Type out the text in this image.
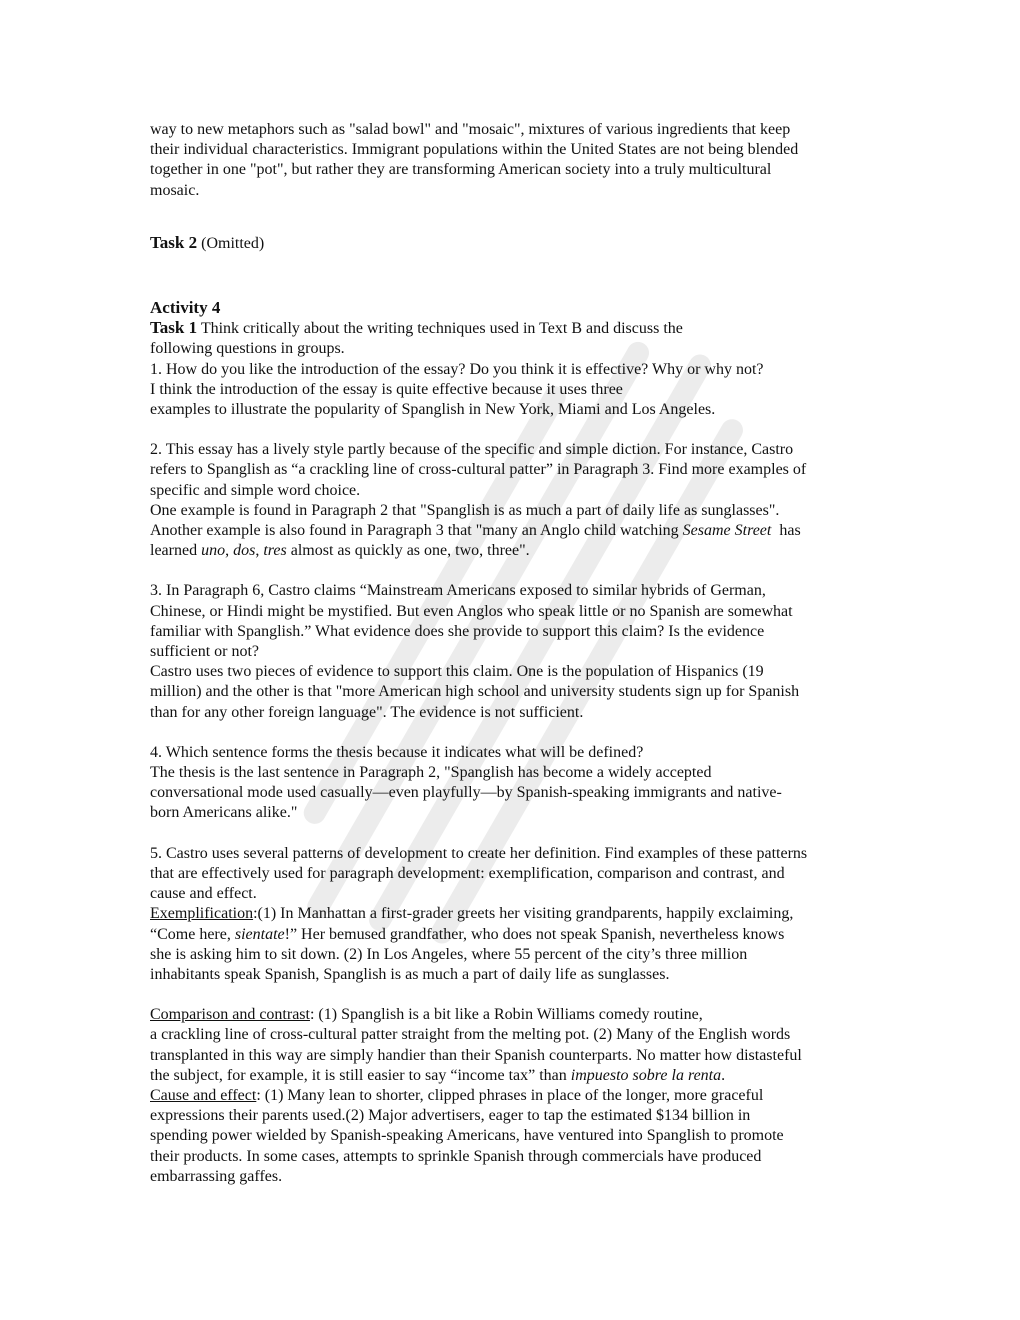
way to new metaphors such as "salad bowl" and "mosaic", mixtures of various ingredients that keep

their individual characteristics. Immigrant populations within the United States are not being blended

together in one "pot", but rather they are transforming American society into a truly multicultural

mosaic.

Task 2 (Omitted)

Activity 4

Task 1 Think critically about the writing techniques used in Text B and discuss the

following questions in groups.

1. How do you like the introduction of the essay? Do you think it is effective? Why or why not?

I think the introduction of the essay is quite effective because it uses three

examples to illustrate the popularity of Spanglish in New York, Miami and Los Angeles.

2. This essay has a lively style partly because of the specific and simple diction. For instance, Castro

refers to Spanglish as “a crackling line of cross-cultural patter” in Paragraph 3. Find more examples of

specific and simple word choice.

One example is found in Paragraph 2 that "Spanglish is as much a part of daily life as sunglasses".

Another example is also found in Paragraph 3 that "many an Anglo child watching Sesame Street  has

learned uno, dos, tres almost as quickly as one, two, three".

3. In Paragraph 6, Castro claims “Mainstream Americans exposed to similar hybrids of German,

Chinese, or Hindi might be mystified. But even Anglos who speak little or no Spanish are somewhat

familiar with Spanglish.” What evidence does she provide to support this claim? Is the evidence

sufficient or not?

Castro uses two pieces of evidence to support this claim. One is the population of Hispanics (19

million) and the other is that "more American high school and university students sign up for Spanish

than for any other foreign language". The evidence is not sufficient.

4. Which sentence forms the thesis because it indicates what will be defined?

The thesis is the last sentence in Paragraph 2, "Spanglish has become a widely accepted

conversational mode used casually—even playfully—by Spanish-speaking immigrants and native-

born Americans alike."

5. Castro uses several patterns of development to create her definition. Find examples of these patterns

that are effectively used for paragraph development: exemplification, comparison and contrast, and

cause and effect.

Exemplification:(1) In Manhattan a first-grader greets her visiting grandparents, happily exclaiming,

“Come here, sientate!” Her bemused grandfather, who does not speak Spanish, nevertheless knows

she is asking him to sit down. (2) In Los Angeles, where 55 percent of the city’s three million

inhabitants speak Spanish, Spanglish is as much a part of daily life as sunglasses.

Comparison and contrast: (1) Spanglish is a bit like a Robin Williams comedy routine,

a crackling line of cross-cultural patter straight from the melting pot. (2) Many of the English words

transplanted in this way are simply handier than their Spanish counterparts. No matter how distasteful

the subject, for example, it is still easier to say “income tax” than impuesto sobre la renta.

Cause and effect: (1) Many lean to shorter, clipped phrases in place of the longer, more graceful

expressions their parents used.(2) Major advertisers, eager to tap the estimated $134 billion in

spending power wielded by Spanish-speaking Americans, have ventured into Spanglish to promote

their products. In some cases, attempts to sprinkle Spanish through commercials have produced

embarrassing gaffes.
